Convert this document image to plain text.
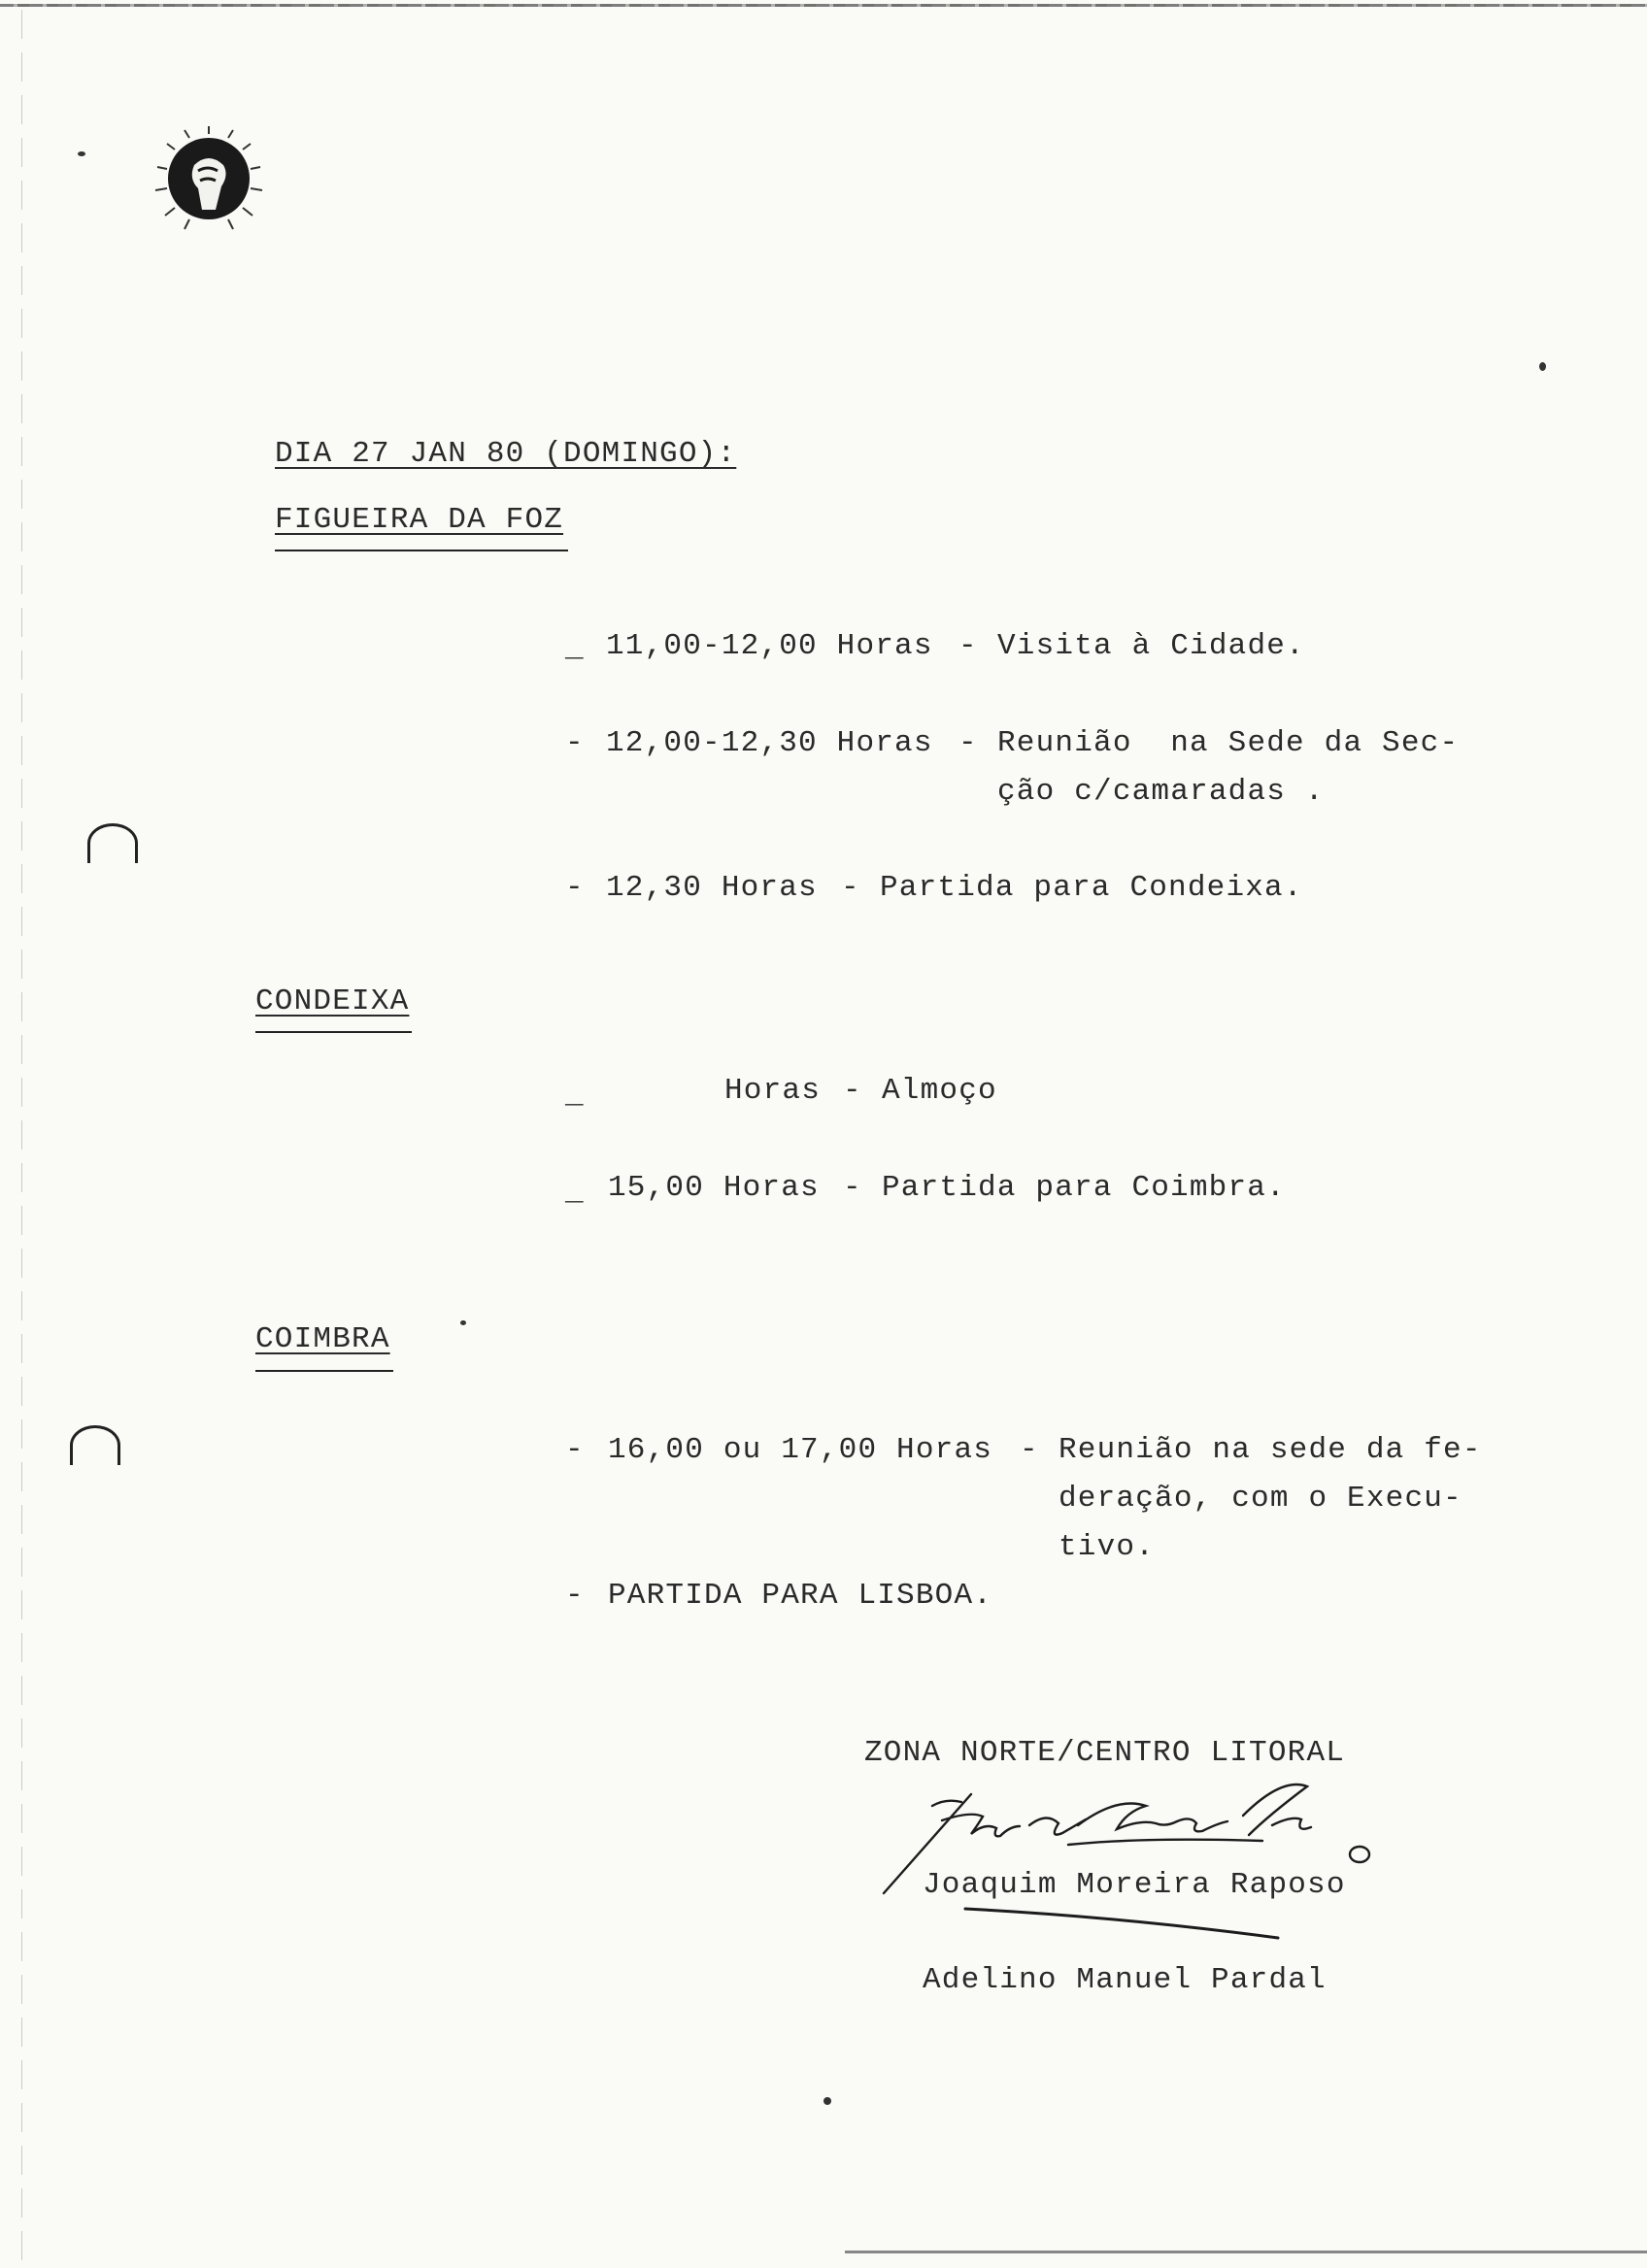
DIA 27 JAN 80 (DOMINGO):
FIGUEIRA DA FOZ
_ 11,00-12,00 Horas - Visita à Cidade.
- 12,00-12,30 Horas - Reunião  na Sede da Sec-
ção c/camaradas .
- 12,30 Horas - Partida para Condeixa.
CONDEIXA
_	Horas - Almoço
_ 15,00 Horas - Partida para Coimbra.
COIMBRA
- 16,00 ou 17,00 Horas - Reunião na sede da fe-
deração, com o Execu-
tivo.
- PARTIDA PARA LISBOA.
ZONA NORTE/CENTRO LITORAL
Joaquim Moreira Raposo
Adelino Manuel Pardal
